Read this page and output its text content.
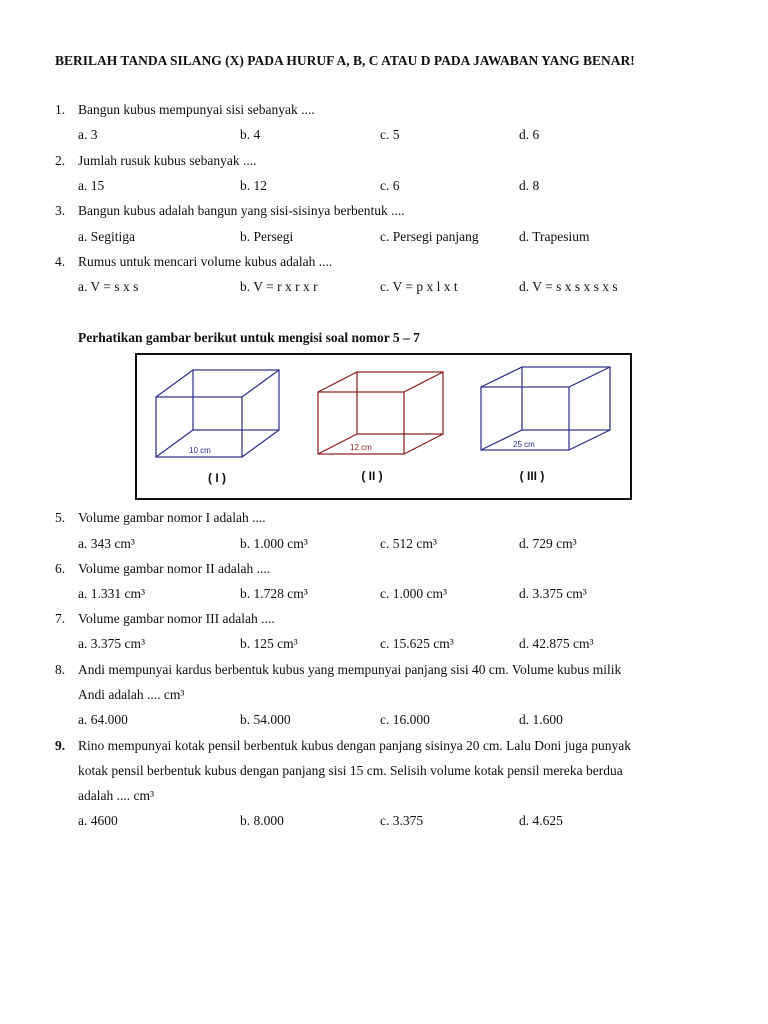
BERILAH TANDA SILANG (X) PADA HURUF A, B, C ATAU D PADA JAWABAN YANG BENAR!
1. Bangun kubus mempunyai sisi sebanyak ....
a. 3	b. 4	c. 5	d. 6
2. Jumlah rusuk kubus sebanyak ....
a. 15	b. 12	c. 6	d. 8
3. Bangun kubus adalah bangun yang sisi-sisinya berbentuk ....
a. Segitiga	b. Persegi	c. Persegi panjang	d. Trapesium
4. Rumus untuk mencari volume kubus adalah ....
a. V = s x s	b. V = r x r x r	c. V = p x l x t	d. V = s x s x s x s
Perhatikan gambar berikut untuk mengisi soal nomor 5 – 7
10 cm
( I )
12 cm
( II )
25 cm
( III )
5. Volume gambar nomor I adalah ....
a. 343 cm³	b. 1.000 cm³	c. 512 cm³	d. 729 cm³
6. Volume gambar nomor II adalah ....
a. 1.331 cm³	b. 1.728 cm³	c. 1.000 cm³	d. 3.375 cm³
7. Volume gambar nomor III adalah ....
a. 3.375 cm³	b. 125 cm³	c. 15.625 cm³	d. 42.875 cm³
8. Andi mempunyai kardus berbentuk kubus yang mempunyai panjang sisi 40 cm. Volume kubus milik
Andi adalah .... cm³
a. 64.000	b. 54.000	c. 16.000	d. 1.600
9. Rino mempunyai kotak pensil berbentuk kubus dengan panjang sisinya 20 cm. Lalu Doni juga punyak
kotak pensil berbentuk kubus dengan panjang sisi 15 cm. Selisih volume kotak pensil mereka berdua
adalah .... cm³
a. 4600	b. 8.000	c. 3.375	d. 4.625
